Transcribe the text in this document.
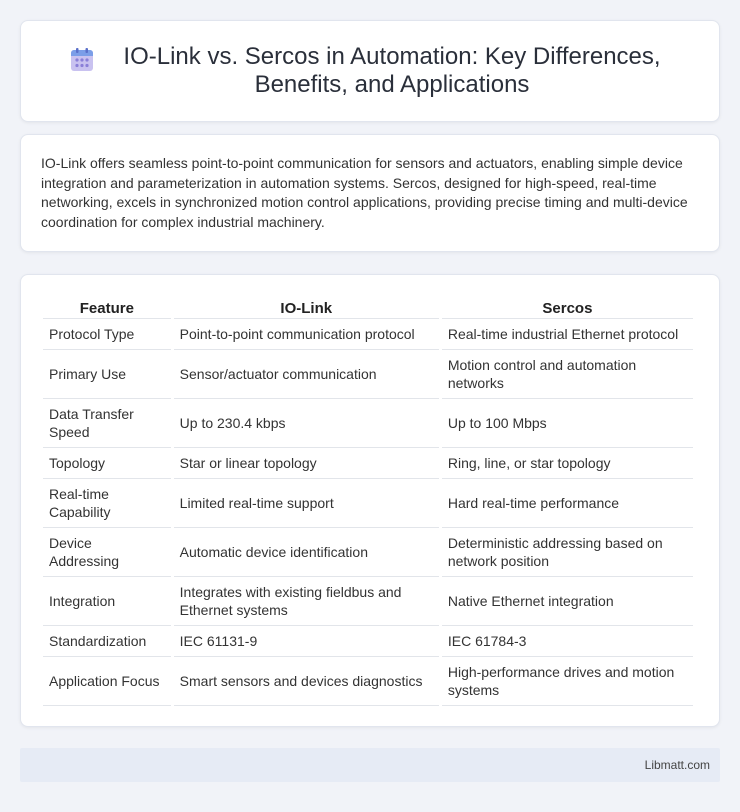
IO-Link vs. Sercos in Automation: Key Differences, Benefits, and Applications

IO-Link offers seamless point-to-point communication for sensors and actuators, enabling simple device integration and parameterization in automation systems. Sercos, designed for high-speed, real-time networking, excels in synchronized motion control applications, providing precise timing and multi-device coordination for complex industrial machinery.

Feature	IO-Link	Sercos
Protocol Type	Point-to-point communication protocol	Real-time industrial Ethernet protocol
Primary Use	Sensor/actuator communication	Motion control and automation networks
Data Transfer Speed	Up to 230.4 kbps	Up to 100 Mbps
Topology	Star or linear topology	Ring, line, or star topology
Real-time Capability	Limited real-time support	Hard real-time performance
Device Addressing	Automatic device identification	Deterministic addressing based on network position
Integration	Integrates with existing fieldbus and Ethernet systems	Native Ethernet integration
Standardization	IEC 61131-9	IEC 61784-3
Application Focus	Smart sensors and devices diagnostics	High-performance drives and motion systems
Libmatt.com
